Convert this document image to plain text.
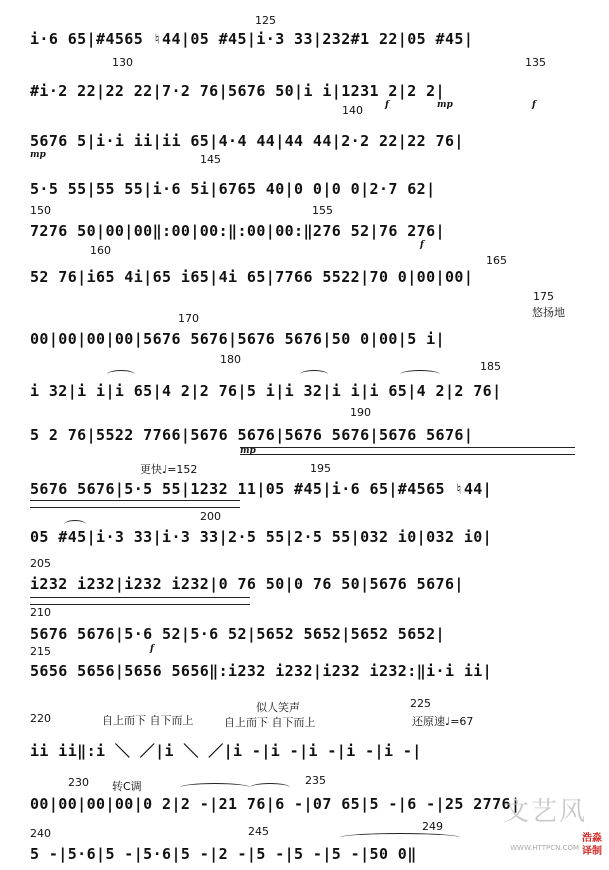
i·6 65|#4565 ♮44|05 #45|i·3 33|232#1 22|05 #45|
#i·2 22|22 22|7·2 76|5676 50|i i|1231 2|2 2|
5676 5|i·i ii|ii 65|4·4 44|44 44|2·2 22|22 76|
5·5 55|55 55|i·6 5i|6765 40|0 0|0 0|2·7 62|
7276 50|00|00‖:00|00:‖:00|00:‖276 52|76 276|
52 76|i65 4i|65 i65|4i 65|7766 5522|70 0|00|00|
00|00|00|00|5676 5676|5676 5676|50 0|00|5 i|
i 32|i i|i 65|4 2|2 76|5 i|i 32|i i|i 65|4 2|2 76|
5 2 76|5522 7766|5676 5676|5676 5676|5676 5676|
5676 5676|5·5 55|1232 11|05 #45|i·6 65|#4565 ♮44|
05 #45|i·3 33|i·3 33|2·5 55|2·5 55|032 i0|032 i0|
i232 i232|i232 i232|0 76 50|0 76 50|5676 5676|
5676 5676|5·6 52|5·6 52|5652 5652|5652 5652|
5656 5656|5656 5656‖:i232 i232|i232 i232:‖i·i ii|
ii ii‖:i ＼ ／|i ＼ ／|i -|i -|i -|i -|i -|
00|00|00|00|0 2|2 -|21 76|6 -|07 65|5 -|6 -|25 2776|
5 -|5·6|5 -|5·6|5 -|2 -|5 -|5 -|5 -|50 0‖
125
130	135
140
145
150	155
160
165
170
175
180
185
190
195
200
205
210
215
220
225
230	235
240	245	249
悠扬地
更快♩=152
自上而下 自下而上
似人笑声
自上而下 自下而上	还原速♩=67
转C调
f	mp	f
mp
f
mp
f
文艺风
WWW.HTTPCN.COM
浩淼
译制
